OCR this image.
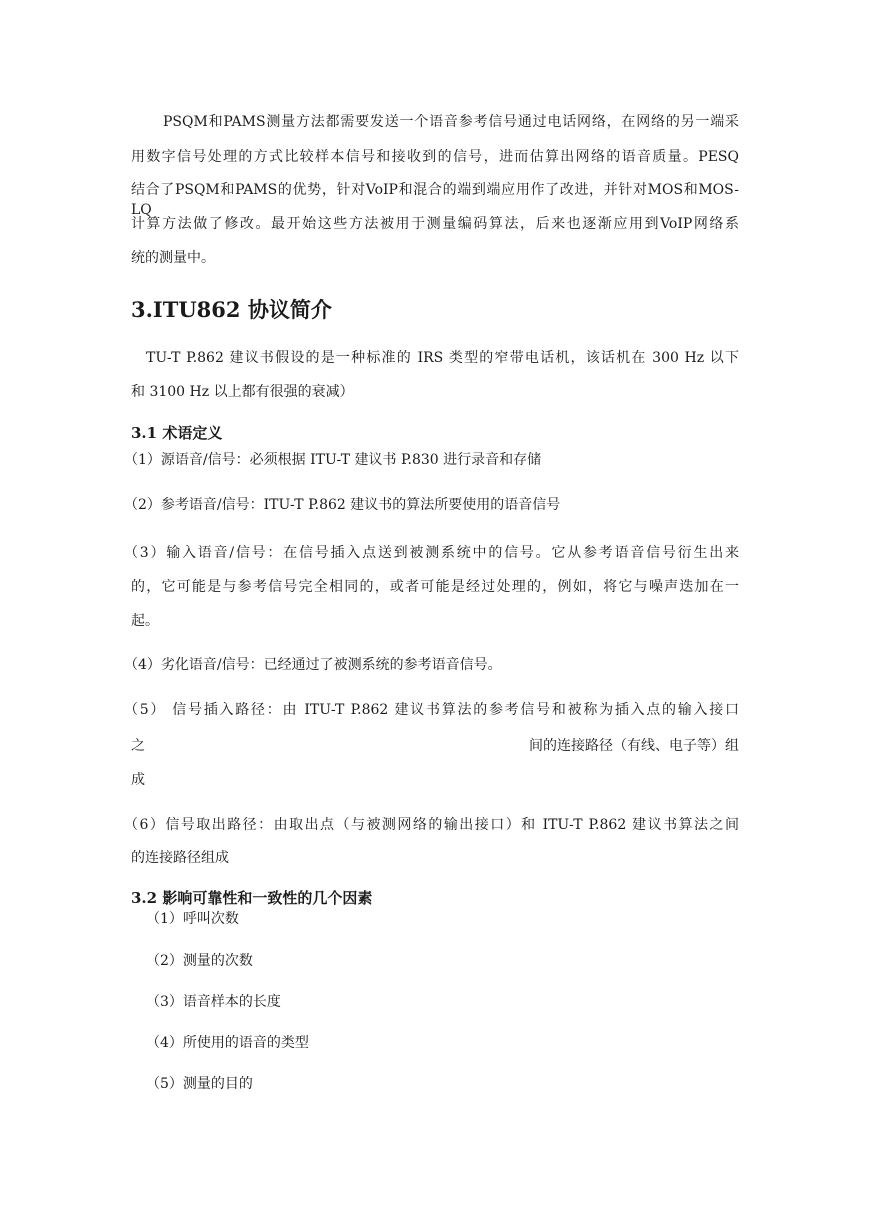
PSQM和PAMS测量方法都需要发送一个语音参考信号通过电话网络，在网络的另一端采
用数字信号处理的方式比较样本信号和接收到的信号，进而估算出网络的语音质量。PESQ
结合了PSQM和PAMS的优势，针对VoIP和混合的端到端应用作了改进，并针对MOS和MOS-LQ
计算方法做了修改。最开始这些方法被用于测量编码算法，后来也逐渐应用到VoIP网络系
统的测量中。
3.ITU862 协议简介
TU-T P.862 建议书假设的是一种标准的 IRS 类型的窄带电话机，该话机在 300 Hz 以下
和 3100 Hz 以上都有很强的衰减）
3.1 术语定义
（1）源语音/信号：必须根据 ITU-T 建议书 P.830 进行录音和存储
（2）参考语音/信号：ITU-T P.862 建议书的算法所要使用的语音信号
（3）输入语音/信号：在信号插入点送到被测系统中的信号。它从参考语音信号衍生出来
的，它可能是与参考信号完全相同的，或者可能是经过处理的，例如，将它与噪声迭加在一
起。
（4）劣化语音/信号：已经通过了被测系统的参考语音信号。
（5） 信号插入路径：由 ITU-T P.862 建议书算法的参考信号和被称为插入点的输入接口
之	间的连接路径（有线、电子等）组
成
（6）信号取出路径：由取出点（与被测网络的输出接口）和 ITU-T P.862 建议书算法之间
的连接路径组成
3.2 影响可靠性和一致性的几个因素
（1）呼叫次数
（2）测量的次数
（3）语音样本的长度
（4）所使用的语音的类型
（5）测量的目的
